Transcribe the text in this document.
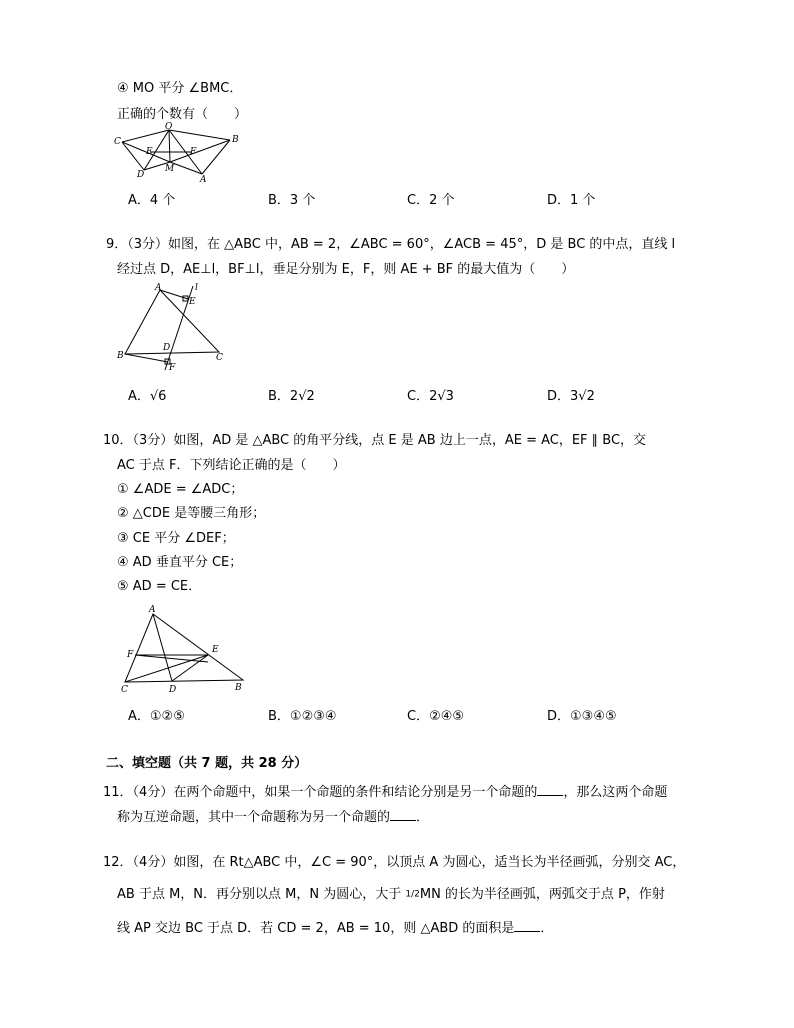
④ MO 平分 ∠BMC．
正确的个数有（　　）
O
B
C
E	F
D
M
A
A．4 个	B．3 个	C．2 个	D．1 个
9．（3分）如图，在 △ABC 中，AB = 2，∠ABC = 60°，∠ACB = 45°，D 是 BC 的中点，直线 l
经过点 D，AE⊥l，BF⊥l，垂足分别为 E，F，则 AE + BF 的最大值为（　　）
A	l
E
B
D
F
C
A．√6	B．2√2	C．2√3	D．3√2
10．（3分）如图，AD 是 △ABC 的角平分线，点 E 是 AB 边上一点，AE = AC，EF ∥ BC，交
AC 于点 F．下列结论正确的是（　　）
① ∠ADE = ∠ADC；
② △CDE 是等腰三角形；
③ CE 平分 ∠DEF；
④ AD 垂直平分 CE；
⑤ AD = CE．
A
F	E
C	D	B
A．①②⑤	B．①②③④	C．②④⑤	D．①③④⑤
二、填空题（共 7 题，共 28 分）
11．（4分）在两个命题中，如果一个命题的条件和结论分别是另一个命题的 ，那么这两个命题
称为互逆命题，其中一个命题称为另一个命题的 ．
12．（4分）如图，在 Rt△ABC 中，∠C = 90°，以顶点 A 为圆心，适当长为半径画弧，分别交 AC，
AB 于点 M，N．再分别以点 M，N 为圆心，大于 1/2MN 的长为半径画弧，两弧交于点 P，作射
线 AP 交边 BC 于点 D．若 CD = 2，AB = 10，则 △ABD 的面积是 ．
